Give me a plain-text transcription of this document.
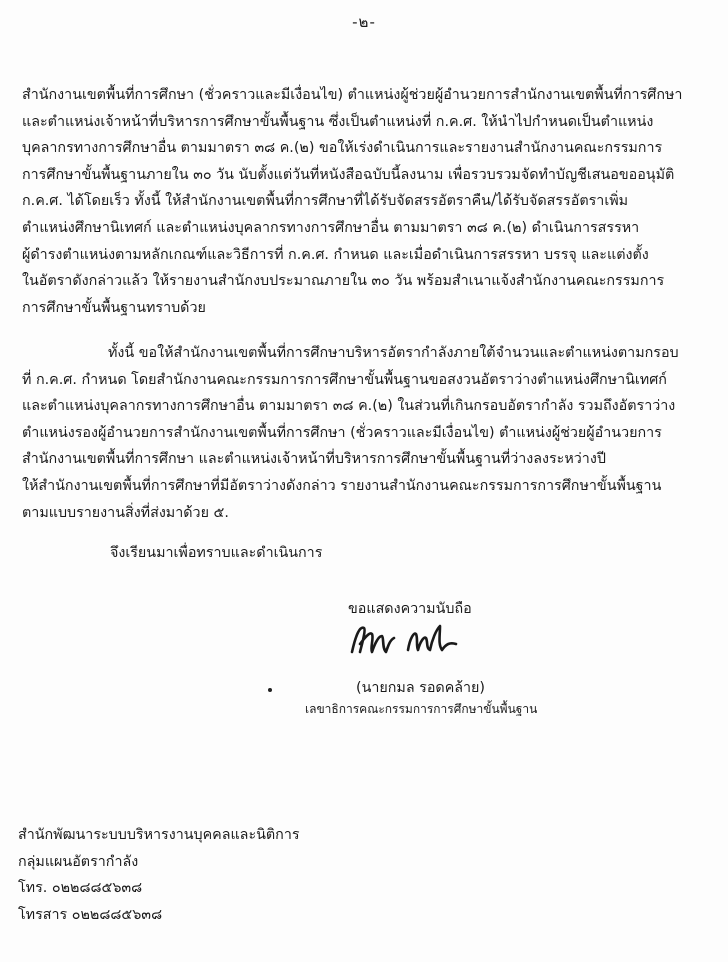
-๒-
สำนักงานเขตพื้นที่การศึกษา (ชั่วคราวและมีเงื่อนไข) ตำแหน่งผู้ช่วยผู้อำนวยการสำนักงานเขตพื้นที่การศึกษา
และตำแหน่งเจ้าหน้าที่บริหารการศึกษาขั้นพื้นฐาน ซึ่งเป็นตำแหน่งที่ ก.ค.ศ. ให้นำไปกำหนดเป็นตำแหน่ง
บุคลากรทางการศึกษาอื่น ตามมาตรา ๓๘ ค.(๒) ขอให้เร่งดำเนินการและรายงานสำนักงานคณะกรรมการ
การศึกษาขั้นพื้นฐานภายใน ๓๐ วัน นับตั้งแต่วันที่หนังสือฉบับนี้ลงนาม เพื่อรวบรวมจัดทำบัญชีเสนอขออนุมัติ
ก.ค.ศ. ได้โดยเร็ว ทั้งนี้ ให้สำนักงานเขตพื้นที่การศึกษาที่ได้รับจัดสรรอัตราคืน/ได้รับจัดสรรอัตราเพิ่ม
ตำแหน่งศึกษานิเทศก์ และตำแหน่งบุคลากรทางการศึกษาอื่น ตามมาตรา ๓๘ ค.(๒) ดำเนินการสรรหา
ผู้ดำรงตำแหน่งตามหลักเกณฑ์และวิธีการที่ ก.ค.ศ. กำหนด และเมื่อดำเนินการสรรหา บรรจุ และแต่งตั้ง
ในอัตราดังกล่าวแล้ว ให้รายงานสำนักงบประมาณภายใน ๓๐ วัน พร้อมสำเนาแจ้งสำนักงานคณะกรรมการ
การศึกษาขั้นพื้นฐานทราบด้วย
ทั้งนี้ ขอให้สำนักงานเขตพื้นที่การศึกษาบริหารอัตรากำลังภายใต้จำนวนและตำแหน่งตามกรอบ
ที่ ก.ค.ศ. กำหนด โดยสำนักงานคณะกรรมการการศึกษาขั้นพื้นฐานขอสงวนอัตราว่างตำแหน่งศึกษานิเทศก์
และตำแหน่งบุคลากรทางการศึกษาอื่น ตามมาตรา ๓๘ ค.(๒) ในส่วนที่เกินกรอบอัตรากำลัง รวมถึงอัตราว่าง
ตำแหน่งรองผู้อำนวยการสำนักงานเขตพื้นที่การศึกษา (ชั่วคราวและมีเงื่อนไข) ตำแหน่งผู้ช่วยผู้อำนวยการ
สำนักงานเขตพื้นที่การศึกษา และตำแหน่งเจ้าหน้าที่บริหารการศึกษาขั้นพื้นฐานที่ว่างลงระหว่างปี
ให้สำนักงานเขตพื้นที่การศึกษาที่มีอัตราว่างดังกล่าว รายงานสำนักงานคณะกรรมการการศึกษาขั้นพื้นฐาน
ตามแบบรายงานสิ่งที่ส่งมาด้วย ๕.
จึงเรียนมาเพื่อทราบและดำเนินการ
ขอแสดงความนับถือ
(นายกมล รอดคล้าย)
เลขาธิการคณะกรรมการการศึกษาขั้นพื้นฐาน
สำนักพัฒนาระบบบริหารงานบุคคลและนิติการ
กลุ่มแผนอัตรากำลัง
โทร. ๐๒๒๘๘๕๖๓๘
โทรสาร ๐๒๒๘๘๕๖๓๘
